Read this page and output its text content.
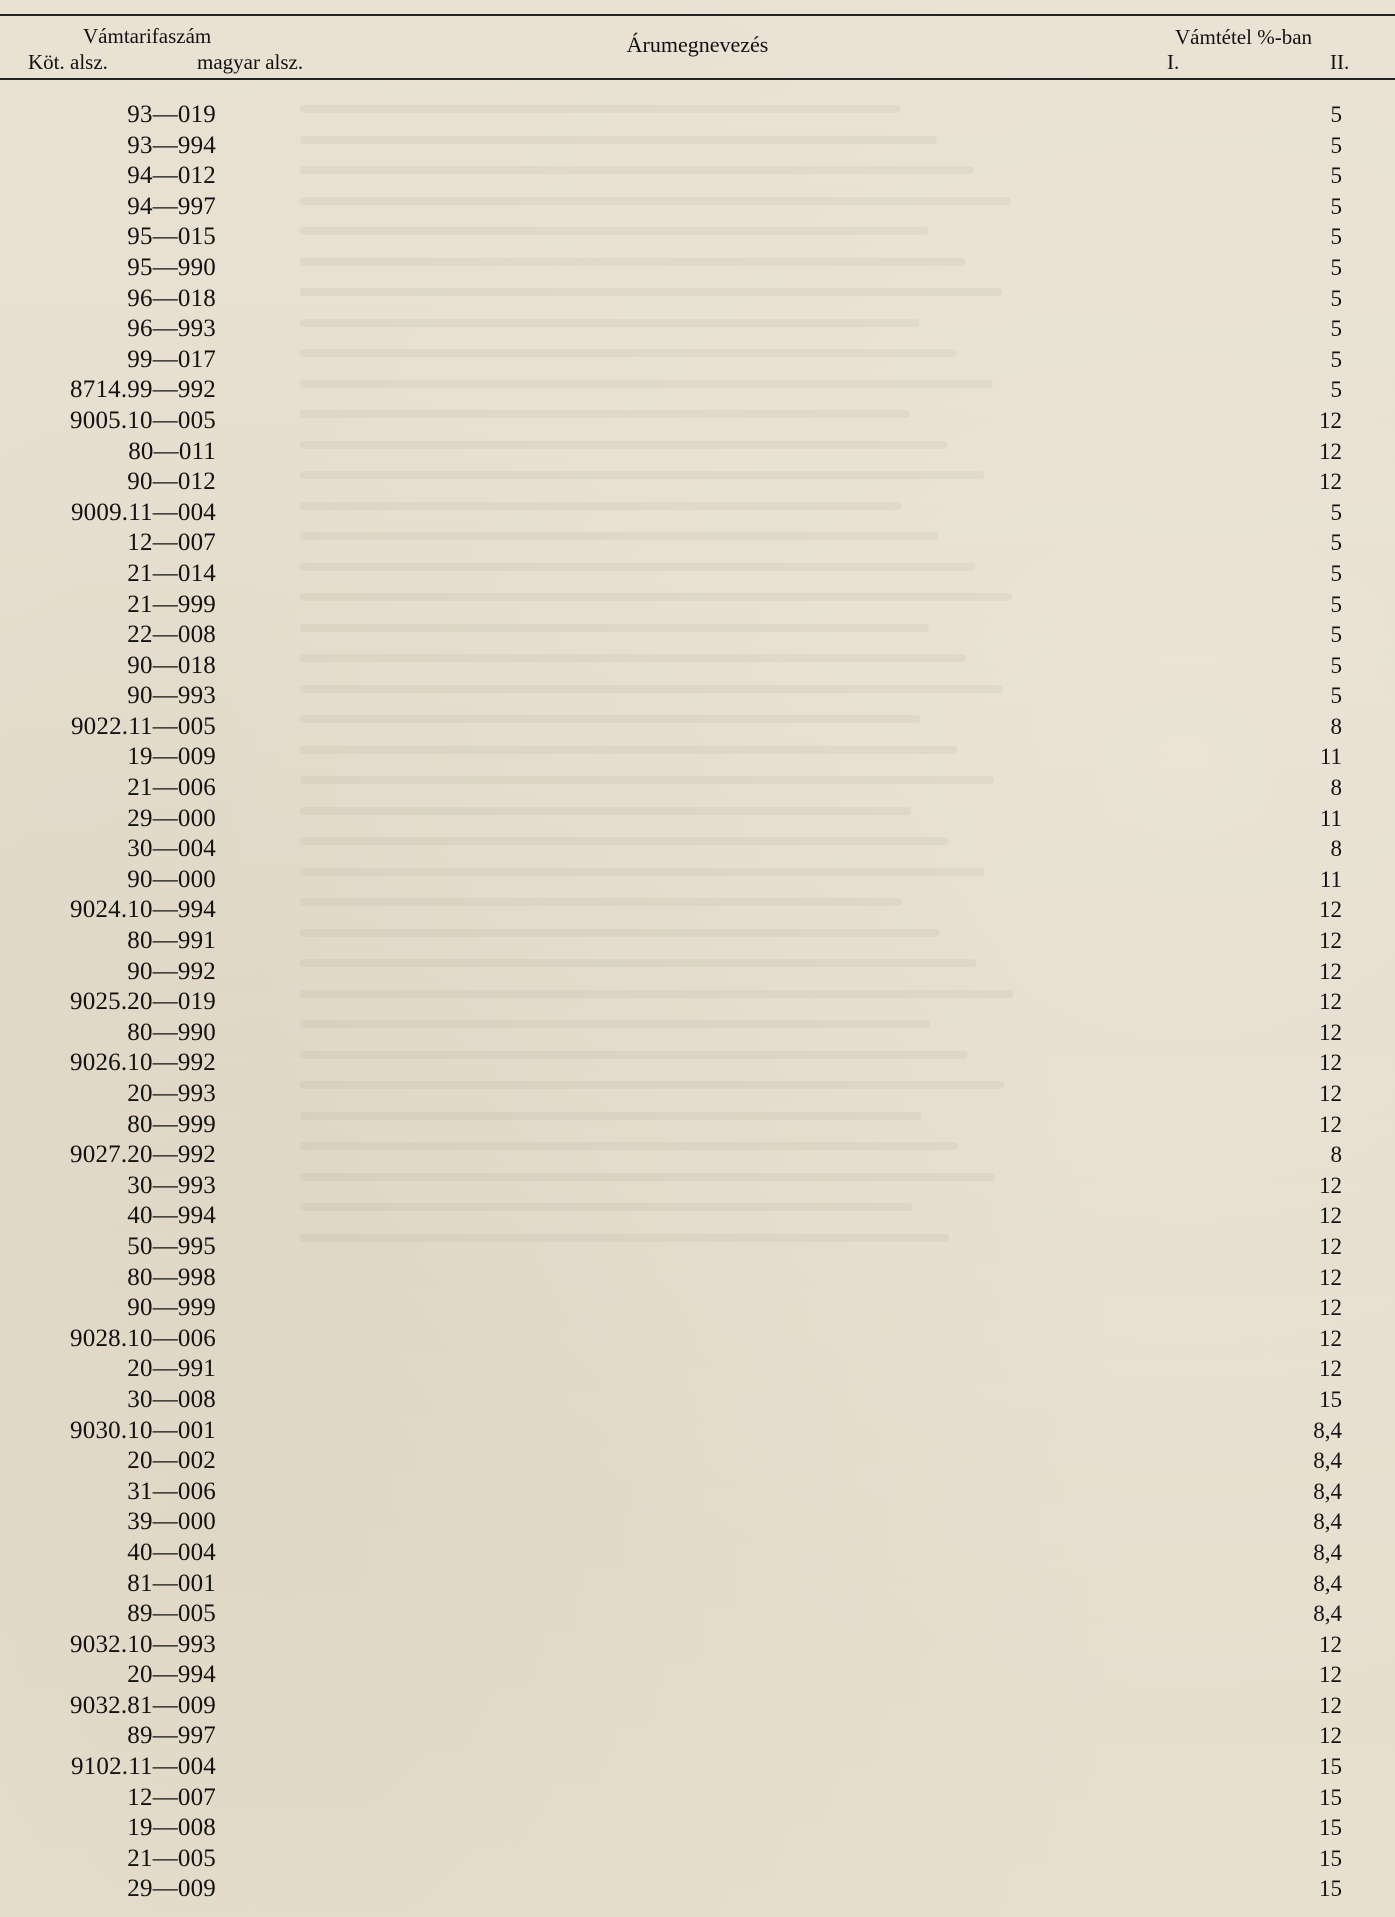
Vámtarifaszám
Köt. alsz.	magyar alsz.
Árumegnevezés	Vámtétel %-ban
I.	II.
93—019	5
93—994	5
94—012	5
94—997	5
95—015	5
95—990	5
96—018	5
96—993	5
99—017	5
8714.99—992	5
9005.10—005	12
80—011	12
90—012	12
9009.11—004	5
12—007	5
21—014	5
21—999	5
22—008	5
90—018	5
90—993	5
9022.11—005	8
19—009	11
21—006	8
29—000	11
30—004	8
90—000	11
9024.10—994	12
80—991	12
90—992	12
9025.20—019	12
80—990	12
9026.10—992	12
20—993	12
80—999	12
9027.20—992	8
30—993	12
40—994	12
50—995	12
80—998	12
90—999	12
9028.10—006	12
20—991	12
30—008	15
9030.10—001	8,4
20—002	8,4
31—006	8,4
39—000	8,4
40—004	8,4
81—001	8,4
89—005	8,4
9032.10—993	12
20—994	12
9032.81—009	12
89—997	12
9102.11—004	15
12—007	15
19—008	15
21—005	15
29—009	15
